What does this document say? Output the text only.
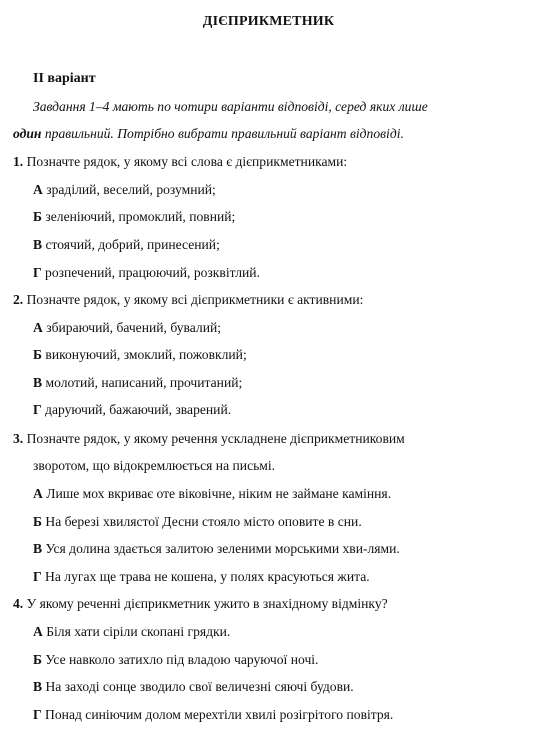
ДІЄПРИКМЕТНИК
ІІ варіант
Завдання 1–4 мають по чотири варіанти відповіді, серед яких лише
один правильний. Потрібно вибрати правильний варіант відповіді.
1. Позначте рядок, у якому всі слова є дієприкметниками:
А зраділий, веселий, розумний;
Б зеленіючий, промоклий, повний;
В стоячий, добрий, принесений;
Г розпечений, працюючий, розквітлий.
2. Позначте рядок, у якому всі дієприкметники є активними:
А збираючий, бачений, бувалий;
Б виконуючий, змоклий, пожовклий;
В молотий, написаний, прочитаний;
Г даруючий, бажаючий, зварений.
3. Позначте рядок, у якому речення ускладнене дієприкметниковим
зворотом, що відокремлюється на письмі.
А Лише мох вкриває оте віковічне, ніким не займане каміння.
Б На березі хвилястої Десни стояло місто оповите в сни.
В Уся долина здається залитою зеленими морськими хви-лями.
Г На лугах ще трава не кошена, у полях красуються жита.
4. У якому реченні дієприкметник ужито в знахідному відмінку?
А Біля хати сіріли скопані грядки.
Б Усе навколо затихло під владою чаруючої ночі.
В На заході сонце зводило свої величезні сяючі будови.
Г Понад синіючим долом мерехтіли хвилі розігрітого повітря.
